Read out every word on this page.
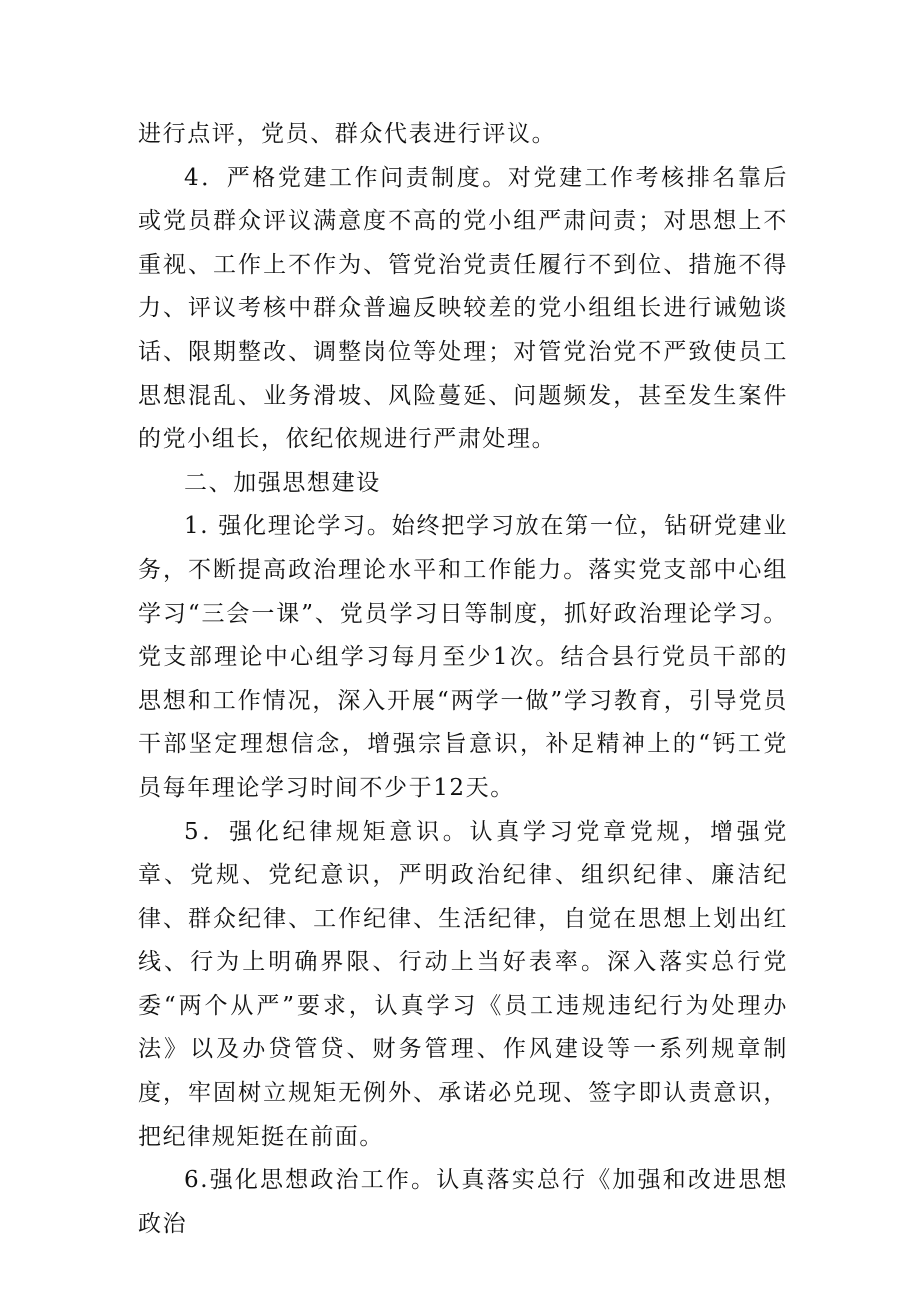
进行点评，党员、群众代表进行评议。

4．严格党建工作问责制度。对党建工作考核排名靠后或党员群众评议满意度不高的党小组严肃问责；对思想上不重视、工作上不作为、管党治党责任履行不到位、措施不得力、评议考核中群众普遍反映较差的党小组组长进行诫勉谈话、限期整改、调整岗位等处理；对管党治党不严致使员工思想混乱、业务滑坡、风险蔓延、问题频发，甚至发生案件的党小组长，依纪依规进行严肃处理。

二、加强思想建设

1. 强化理论学习。始终把学习放在第一位，钻研党建业务，不断提高政治理论水平和工作能力。落实党支部中心组学习“三会一课”、党员学习日等制度，抓好政治理论学习。党支部理论中心组学习每月至少1次。结合县行党员干部的思想和工作情况，深入开展“两学一做”学习教育，引导党员干部坚定理想信念，增强宗旨意识，补足精神上的“钙工党员每年理论学习时间不少于12天。

5．强化纪律规矩意识。认真学习党章党规，增强党章、党规、党纪意识，严明政治纪律、组织纪律、廉洁纪律、群众纪律、工作纪律、生活纪律，自觉在思想上划出红线、行为上明确界限、行动上当好表率。深入落实总行党委“两个从严”要求，认真学习《员工违规违纪行为处理办法》以及办贷管贷、财务管理、作风建设等一系列规章制度，牢固树立规矩无例外、承诺必兑现、签字即认责意识，把纪律规矩挺在前面。

6.强化思想政治工作。认真落实总行《加强和改进思想政治
